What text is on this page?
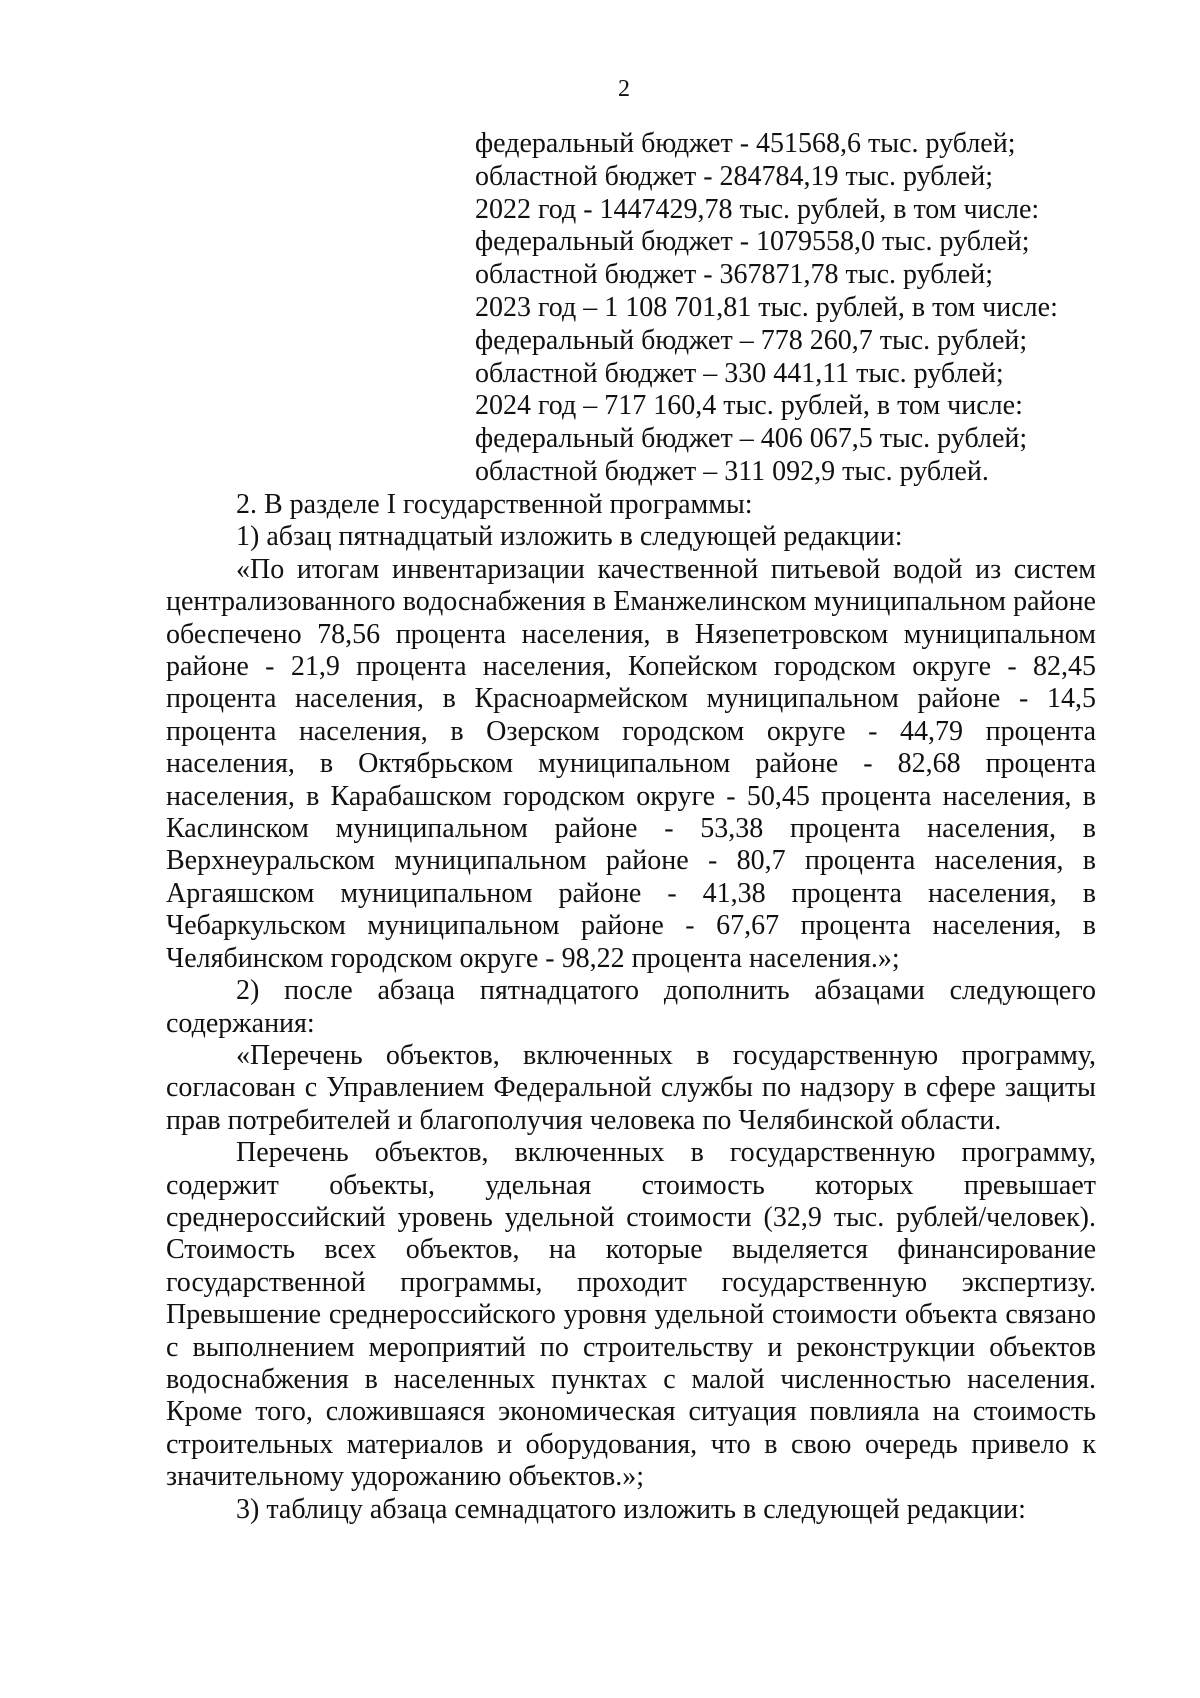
2
федеральный бюджет - 451568,6 тыс. рублей;
областной бюджет - 284784,19 тыс. рублей;
2022 год - 1447429,78 тыс. рублей, в том числе:
федеральный бюджет - 1079558,0 тыс. рублей;
областной бюджет - 367871,78 тыс. рублей;
2023 год – 1 108 701,81 тыс. рублей, в том числе:
федеральный бюджет – 778 260,7 тыс. рублей;
областной бюджет – 330 441,11 тыс. рублей;
2024 год – 717 160,4 тыс. рублей, в том числе:
федеральный бюджет – 406 067,5 тыс. рублей;
областной бюджет – 311 092,9 тыс. рублей.

2. В разделе I государственной программы:

1) абзац пятнадцатый изложить в следующей редакции:

«По итогам инвентаризации качественной питьевой водой из систем централизованного водоснабжения в Еманжелинском муниципальном районе обеспечено 78,56 процента населения, в Нязепетровском муниципальном районе - 21,9 процента населения, Копейском городском округе - 82,45 процента населения, в Красноармейском муниципальном районе - 14,5 процента населения, в Озерском городском округе - 44,79 процента населения, в Октябрьском муниципальном районе - 82,68 процента населения, в Карабашском городском округе - 50,45 процента населения, в Каслинском муниципальном районе - 53,38 процента населения, в Верхнеуральском муниципальном районе - 80,7 процента населения, в Аргаяшском муниципальном районе - 41,38 процента населения, в Чебаркульском муниципальном районе - 67,67 процента населения, в Челябинском городском округе - 98,22 процента населения.»;

2) после абзаца пятнадцатого дополнить абзацами следующего содержания:

«Перечень объектов, включенных в государственную программу, согласован с Управлением Федеральной службы по надзору в сфере защиты прав потребителей и благополучия человека по Челябинской области.

Перечень объектов, включенных в государственную программу, содержит объекты, удельная стоимость которых превышает среднероссийский уровень удельной стоимости (32,9 тыс. рублей/человек). Стоимость всех объектов, на которые выделяется финансирование государственной программы, проходит государственную экспертизу. Превышение среднероссийского уровня удельной стоимости объекта связано с выполнением мероприятий по строительству и реконструкции объектов водоснабжения в населенных пунктах с малой численностью населения. Кроме того, сложившаяся экономическая ситуация повлияла на стоимость строительных материалов и оборудования, что в свою очередь привело к значительному удорожанию объектов.»;

3) таблицу абзаца семнадцатого изложить в следующей редакции:
